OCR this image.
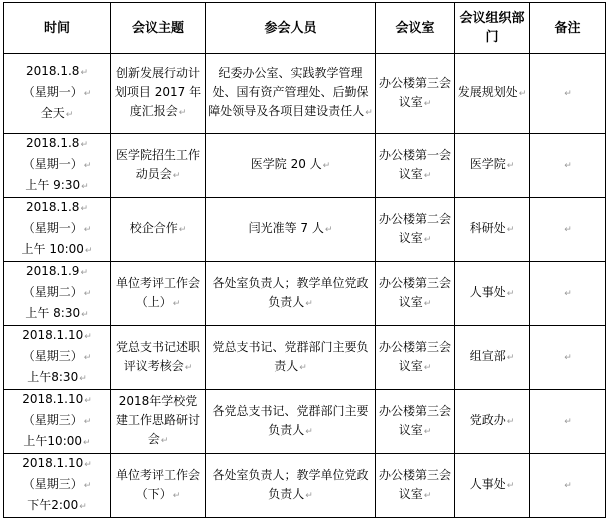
时间	会议主题	参会人员	会议室	会议组织部门	备注
2018.1.8↵
（星期一）↵
全天↵	创新发展行动计划项目 2017 年度汇报会↵	纪委办公室、实践教学管理处、国有资产管理处、后勤保障处领导及各项目建设责任人↵	办公楼第三会议室↵	发展规划处↵	↵
2018.1.8↵
（星期一）↵
上午 9:30↵	医学院招生工作动员会↵	医学院 20 人↵	办公楼第一会议室↵	医学院↵	↵
2018.1.8↵
（星期一）↵
上午 10:00↵	校企合作↵	闫光准等 7 人↵	办公楼第二会议室↵	科研处↵	↵
2018.1.9↵
（星期二）↵
上午 8:30↵	单位考评工作会（上）↵	各处室负责人；教学单位党政负责人↵	办公楼第三会议室↵	人事处↵	↵
2018.1.10↵
（星期三）↵
上午8:30↵	党总支书记述职评议考核会↵	党总支书记、党群部门主要负责人↵	办公楼第三会议室↵	组宣部↵	↵
2018.1.10↵
（星期三）↵
上午10:00↵	2018年学校党建工作思路研讨会↵	各党总支书记、党群部门主要负责人↵	办公楼第三会议室↵	党政办↵	↵
2018.1.10↵
（星期三）↵
下午2:00↵	单位考评工作会（下）↵	各处室负责人；教学单位党政负责人↵	办公楼第三会议室↵	人事处↵	↵
